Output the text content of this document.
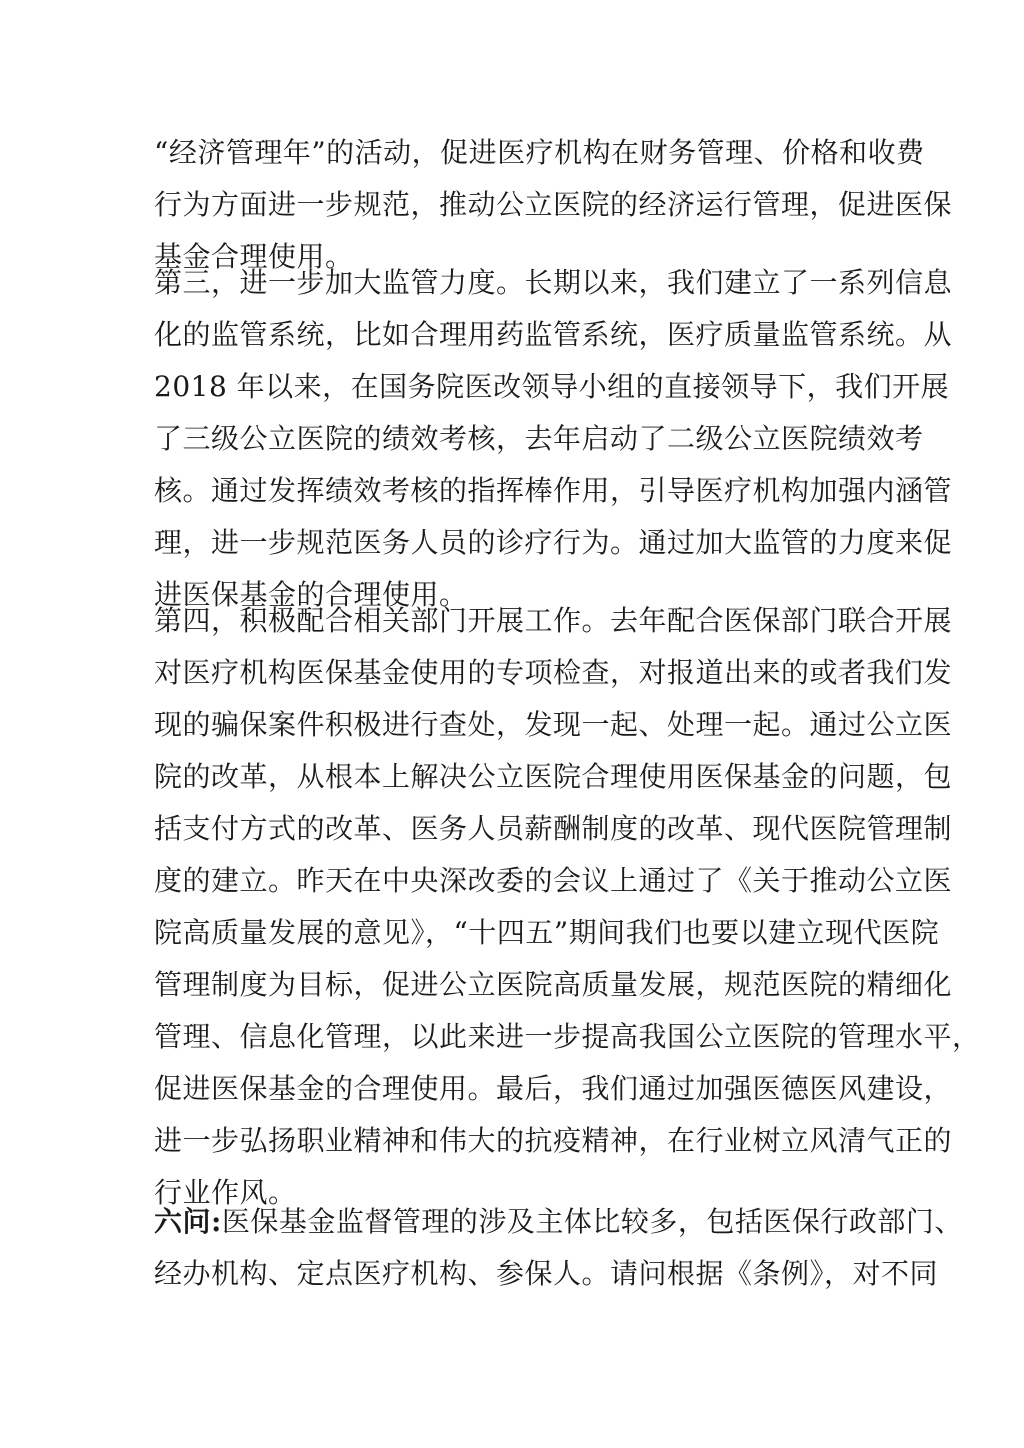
“经济管理年”的活动，促进医疗机构在财务管理、价格和收费
行为方面进一步规范，推动公立医院的经济运行管理，促进医保
基金合理使用。
第三，进一步加大监管力度。长期以来，我们建立了一系列信息
化的监管系统，比如合理用药监管系统，医疗质量监管系统。从
2018 年以来，在国务院医改领导小组的直接领导下，我们开展
了三级公立医院的绩效考核，去年启动了二级公立医院绩效考
核。通过发挥绩效考核的指挥棒作用，引导医疗机构加强内涵管
理，进一步规范医务人员的诊疗行为。通过加大监管的力度来促
进医保基金的合理使用。
第四，积极配合相关部门开展工作。去年配合医保部门联合开展
对医疗机构医保基金使用的专项检查，对报道出来的或者我们发
现的骗保案件积极进行查处，发现一起、处理一起。通过公立医
院的改革，从根本上解决公立医院合理使用医保基金的问题，包
括支付方式的改革、医务人员薪酬制度的改革、现代医院管理制
度的建立。昨天在中央深改委的会议上通过了《关于推动公立医
院高质量发展的意见》，“十四五”期间我们也要以建立现代医院
管理制度为目标，促进公立医院高质量发展，规范医院的精细化
管理、信息化管理，以此来进一步提高我国公立医院的管理水平，
促进医保基金的合理使用。最后，我们通过加强医德医风建设，
进一步弘扬职业精神和伟大的抗疫精神，在行业树立风清气正的
行业作风。
六问:医保基金监督管理的涉及主体比较多，包括医保行政部门、
经办机构、定点医疗机构、参保人。请问根据《条例》，对不同
